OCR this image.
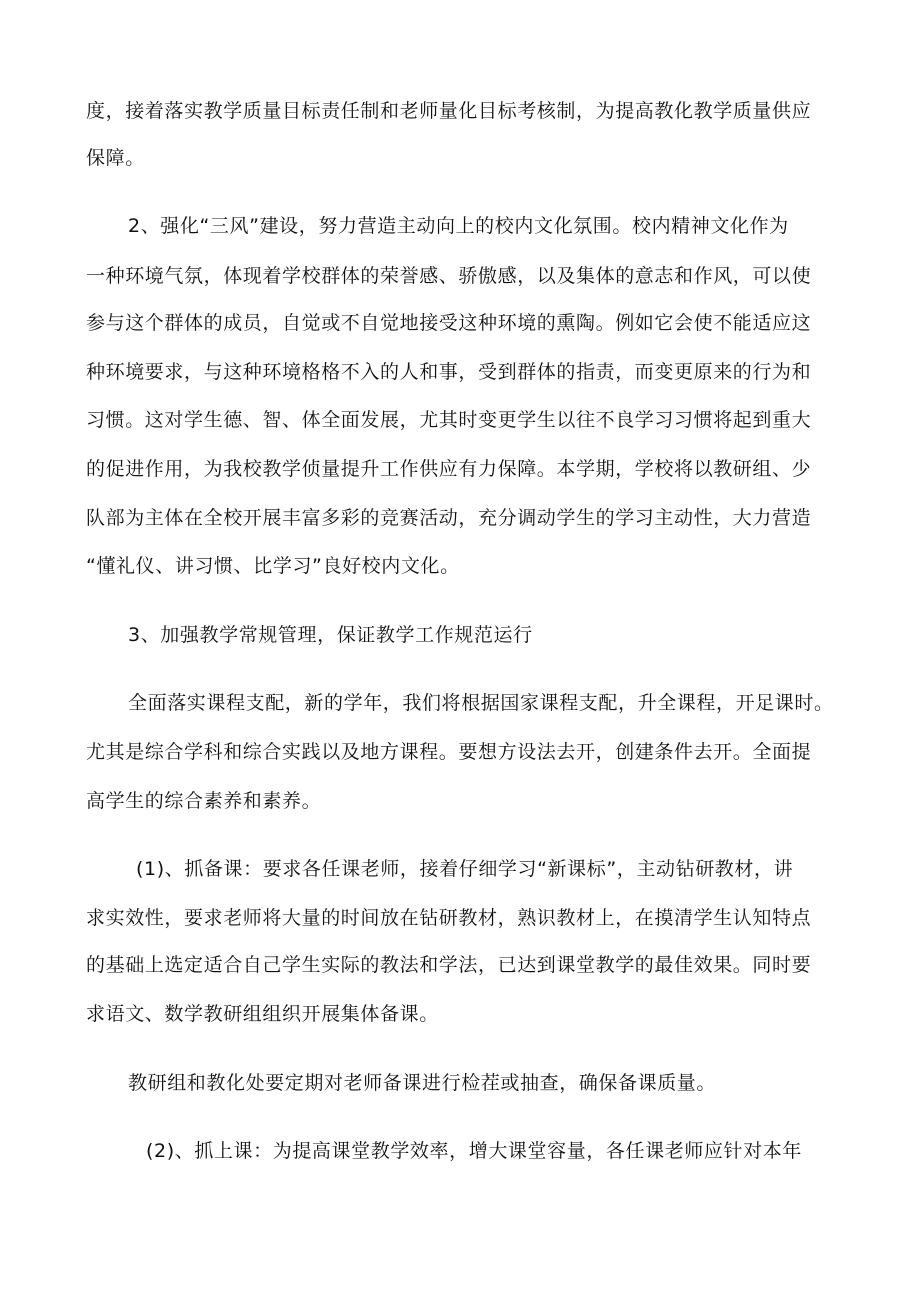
度，接着落实教学质量目标责任制和老师量化目标考核制，为提高教化教学质量供应
保障。
2、强化“三风”建设，努力营造主动向上的校内文化氛围。校内精神文化作为
一种环境气氛，体现着学校群体的荣誉感、骄傲感，以及集体的意志和作风，可以使
参与这个群体的成员，自觉或不自觉地接受这种环境的熏陶。例如它会使不能适应这
种环境要求，与这种环境格格不入的人和事，受到群体的指责，而变更原来的行为和
习惯。这对学生德、智、体全面发展，尤其时变更学生以往不良学习习惯将起到重大
的促进作用，为我校教学侦量提升工作供应有力保障。本学期，学校将以教研组、少
队部为主体在全校开展丰富多彩的竞赛活动，充分调动学生的学习主动性，大力营造
“懂礼仪、讲习惯、比学习”良好校内文化。
3、加强教学常规管理，保证教学工作规范运行
全面落实课程支配，新的学年，我们将根据国家课程支配，升全课程，开足课时。
尤其是综合学科和综合实践以及地方课程。要想方设法去开，创建条件去开。全面提
高学生的综合素养和素养。
(1)、抓备课：要求各任课老师，接着仔细学习“新课标”，主动钻研教材，讲
求实效性，要求老师将大量的时间放在钻研教材，熟识教材上，在摸清学生认知特点
的基础上选定适合自己学生实际的教法和学法，已达到课堂教学的最佳效果。同时要
求语文、数学教研组组织开展集体备课。
教研组和教化处要定期对老师备课进行检茬或抽查，确保备课质量。
(2)、抓上课：为提高课堂教学效率，增大课堂容量，各任课老师应针对本年
